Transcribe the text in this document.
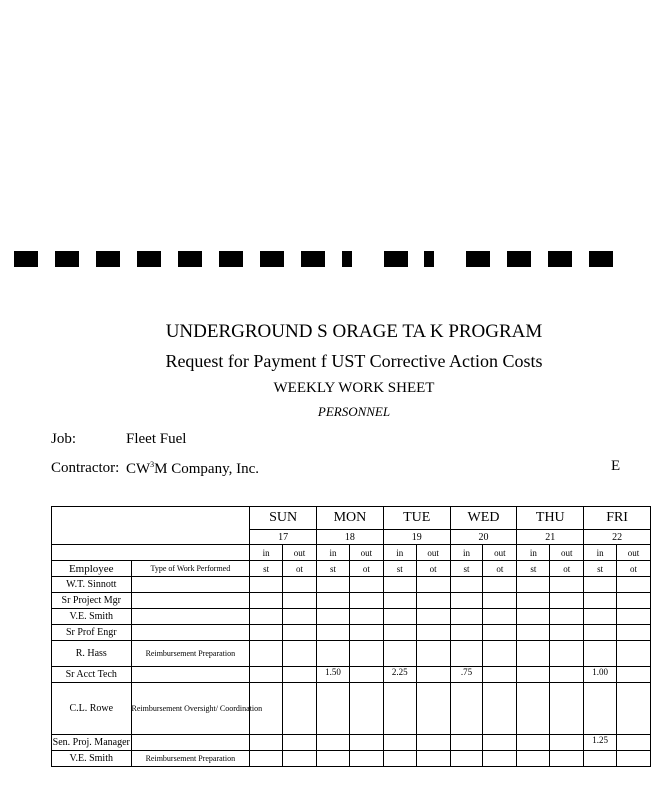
UNDERGROUND S ORAGE TA K PROGRAM
Request for Payment f UST Corrective Action Costs
WEEKLY WORK SHEET
PERSONNEL
Job:	Fleet Fuel
Contractor: $CW^3M$ Company, Inc.	E
		SUN		MON		TUE		WED		THU		FRI	
		17		18		19		20		21		22	
		in	out	in	out	in	out	in	out	in	out	in	out
Employee	Type of Work Performed	st	ot	st	ot	st	ot	st	ot	st	ot	st	ot
W.T. Sinnott													
Sr Project Mgr													
V.E. Smith													
Sr Prof Engr													
R. Hass	Reimbursement Preparation												
Sr Acct Tech				1.50		2.25		.75				1.00	
C.L. Rowe	Reimbursement Oversight/ Coordination												
Sen. Proj. Manager												1.25	
V.E. Smith	Reimbursement Preparation												
